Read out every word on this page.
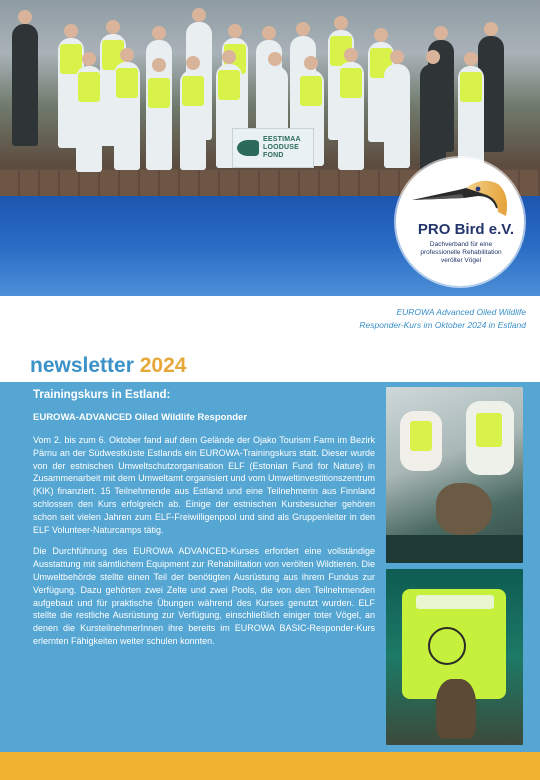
EESTIMAA
LOODUSE
FOND
PRO Bird e.V.
Dachverband für eine
professionelle Rehabilitation
verölter Vögel
EUROWA Advanced Oiled Wildlife
Responder-Kurs im Oktober 2024 in Estland
newsletter 2024

Trainingskurs in Estland:

EUROWA-ADVANCED Oiled Wildlife Responder

Vom 2. bis zum 6. Oktober fand auf dem Gelände der Ojako Tourism Farm im Bezirk Pärnu an der Südwestküste Estlands ein EUROWA-Trainingskurs statt. Dieser wurde von der estnischen Umweltschutzorganisation ELF (Estonian Fund for Nature) in Zusammenarbeit mit dem Umweltamt organisiert und vom Umweltinvestitionszentrum (KIK) finanziert. 15 Teilnehmende aus Estland und eine Teilnehmerin aus Finnland schlossen den Kurs erfolgreich ab. Einige der estnischen Kursbesucher gehören schon seit vielen Jahren zum ELF-Freiwilligenpool und sind als Gruppenleiter in den ELF Volunteer-Naturcamps tätig.

Die Durchführung des EUROWA ADVANCED-Kurses erfordert eine vollständige Ausstattung mit sämtlichem Equipment zur Rehabilitation von verölten Wildtieren. Die Umweltbehörde stellte einen Teil der benötigten Ausrüstung aus ihrem Fundus zur Verfügung. Dazu gehörten zwei Zelte und zwei Pools, die von den Teilnehmenden aufgebaut und für praktische Übungen während des Kurses genutzt wurden. ELF stellte die restliche Ausrüstung zur Verfügung, einschließlich einiger toter Vögel, an denen die KursteilnehmerInnen ihre bereits im EUROWA BASIC-Responder-Kurs erlernten Fähigkeiten weiter schulen konnten.
